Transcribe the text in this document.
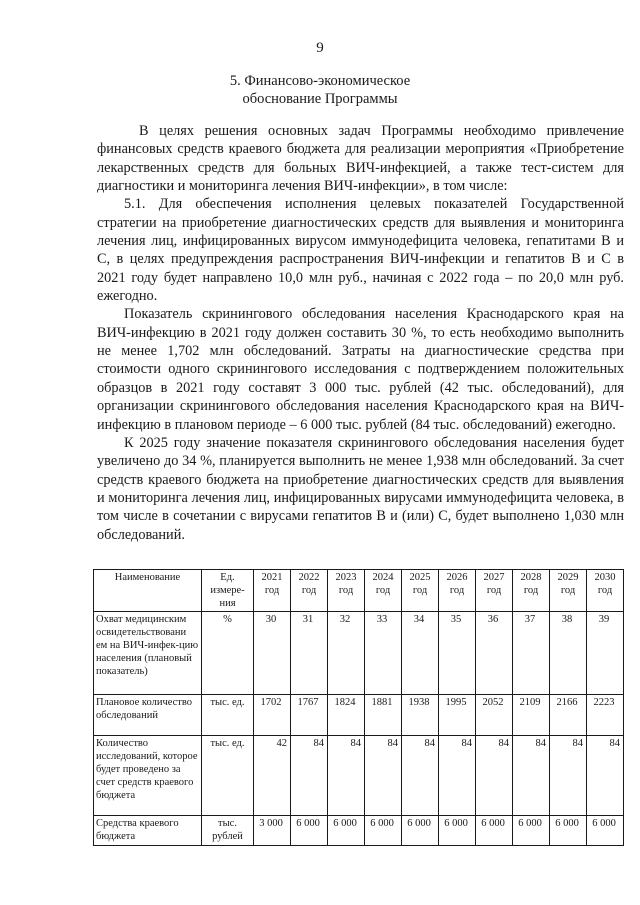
9
5. Финансово-экономическое
обоснование Программы

В целях решения основных задач Программы необходимо привлечение финансовых средств краевого бюджета для реализации мероприятия «Приобретение лекарственных средств для больных ВИЧ-инфекцией, а также тест-систем для диагностики и мониторинга лечения ВИЧ-инфекции», в том числе:

5.1. Для обеспечения исполнения целевых показателей Государственной стратегии на приобретение диагностических средств для выявления и мониторинга лечения лиц, инфицированных вирусом иммунодефицита человека, гепатитами В и С, в целях предупреждения распространения ВИЧ-инфекции и гепатитов В и С в 2021 году будет направлено 10,0 млн руб., начиная с 2022 года – по 20,0 млн руб. ежегодно.

Показатель скринингового обследования населения Краснодарского края на ВИЧ-инфекцию в 2021 году должен составить 30 %, то есть необходимо выполнить не менее 1,702 млн обследований. Затраты на диагностические средства при стоимости одного скринингового исследования с подтверждением положительных образцов в 2021 году составят 3 000 тыс. рублей (42 тыс. обследований), для организации скринингового обследования населения Краснодарского края на ВИЧ-инфекцию в плановом периоде – 6 000 тыс. рублей (84 тыс. обследований) ежегодно.

К 2025 году значение показателя скринингового обследования населения будет увеличено до 34 %, планируется выполнить не менее 1,938 млн обследований. За счет средств краевого бюджета на приобретение диагностических средств для выявления и мониторинга лечения лиц, инфицированных вирусами иммунодефицита человека, в том числе в сочетании с вирусами гепатитов В и (или) С, будет выполнено 1,030 млн обследований.

Наименование	Ед. измере-ния	2021 год	2022 год	2023 год	2024 год	2025 год	2026 год	2027 год	2028 год	2029 год	2030 год
Охват медицинским освидетельствовани ем на ВИЧ-инфек-цию населения (плановый показатель)	%	30	31	32	33	34	35	36	37	38	39
Плановое количество обследований	тыс. ед.	1702	1767	1824	1881	1938	1995	2052	2109	2166	2223
Количество исследований, которое будет проведено за счет средств краевого бюджета	тыс. ед.	42	84	84	84	84	84	84	84	84	84
Средства краевого бюджета	тыс. рублей	3 000	6 000	6 000	6 000	6 000	6 000	6 000	6 000	6 000	6 000
